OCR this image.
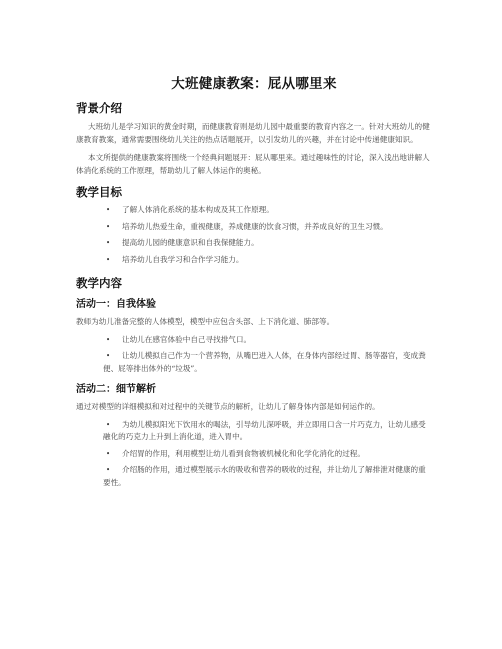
大班健康教案：屁从哪里来
背景介绍

大班幼儿是学习知识的黄金时期，而健康教育则是幼儿园中最重要的教育内容之一。针对大班幼儿的健康教育教案，通常需要围绕幼儿关注的热点话题展开，以引发幼儿的兴趣，并在讨论中传递健康知识。

本文所提供的健康教案将围绕一个经典问题展开：屁从哪里来。通过趣味性的讨论，深入浅出地讲解人体消化系统的工作原理，帮助幼儿了解人体运作的奥秘。

教学目标
•	了解人体消化系统的基本构成及其工作原理。
•	培养幼儿热爱生命，重视健康，养成健康的饮食习惯，并养成良好的卫生习惯。
•	提高幼儿园的健康意识和自我保健能力。
•	培养幼儿自我学习和合作学习能力。
教学内容
活动一：自我体验

教师为幼儿准备完整的人体模型，模型中应包含头部、上下消化道、肺部等。

•	让幼儿在感官体验中自己寻找排气口。
•	让幼儿模拟自己作为一个营养物，从嘴巴进入人体，在身体内部经过胃、肠等器官，变成粪便、屁等排出体外的“垃圾”。
活动二：细节解析

通过对模型的详细模拟和对过程中的关键节点的解析，让幼儿了解身体内部是如何运作的。

•	为幼儿模拟阳光下饮用水的喝法，引导幼儿深呼吸，并立即用口含一片巧克力，让幼儿感受融化的巧克力上升到上消化道，进入胃中。
•	介绍胃的作用，利用模型让幼儿看到食物被机械化和化学化消化的过程。
•	介绍肠的作用，通过模型展示水的吸收和营养的吸收的过程，并让幼儿了解排泄对健康的重要性。
